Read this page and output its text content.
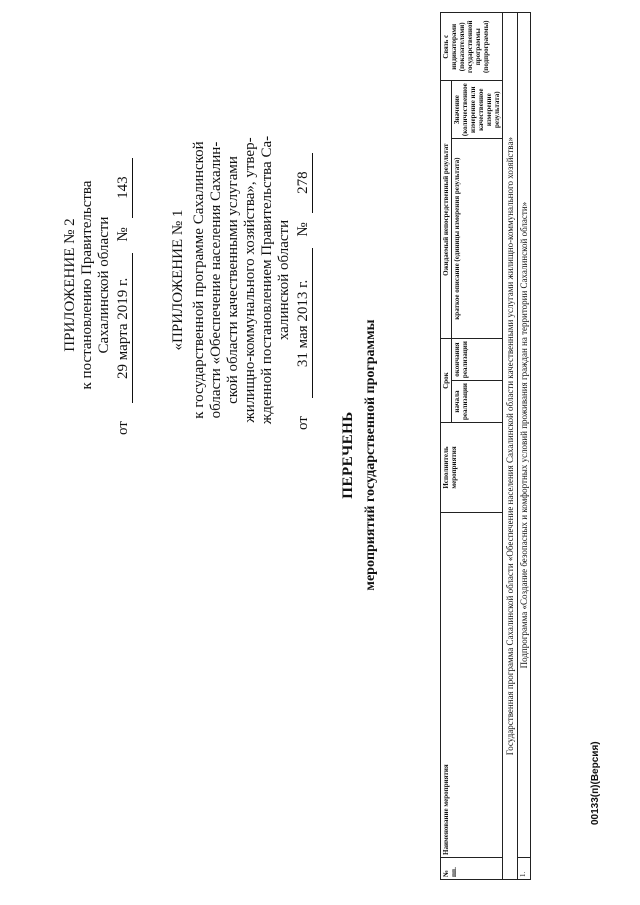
ПРИЛОЖЕНИЕ № 2 к постановлению Правительства Сахалинской области
от 29 марта 2019 г. № 143
«ПРИЛОЖЕНИЕ № 1 к государственной программе Сахалинской области «Обеспечение населения Сахалин- ской области качественными услугами жилищно-коммунального хозяйства», утвер- жденной постановлением Правительства Са- халинской области
от 31 мая 2013 г. № 278
ПЕРЕЧЕНЬ мероприятий государственной программы
№ пп.	Наименование мероприятия	Исполнитель мероприятия	Срок		Ожидаемый непосредственный результат		Связь с индикаторами (показателями) государственной программы (подпрограммы)
			начала реализации	окончания реализации	краткое описание (единицы измерения результата)	Значение (количественное измерение или качественное измерение результата)	
Государственная программа Сахалинской области «Обеспечение населения Сахалинской области качественными услугами жилищно-коммунального хозяйства»							
1.	Подпрограмма «Создание безопасных и комфортных условий проживания граждан на территории Сахалинской области»						
00133(п)(Версия)
